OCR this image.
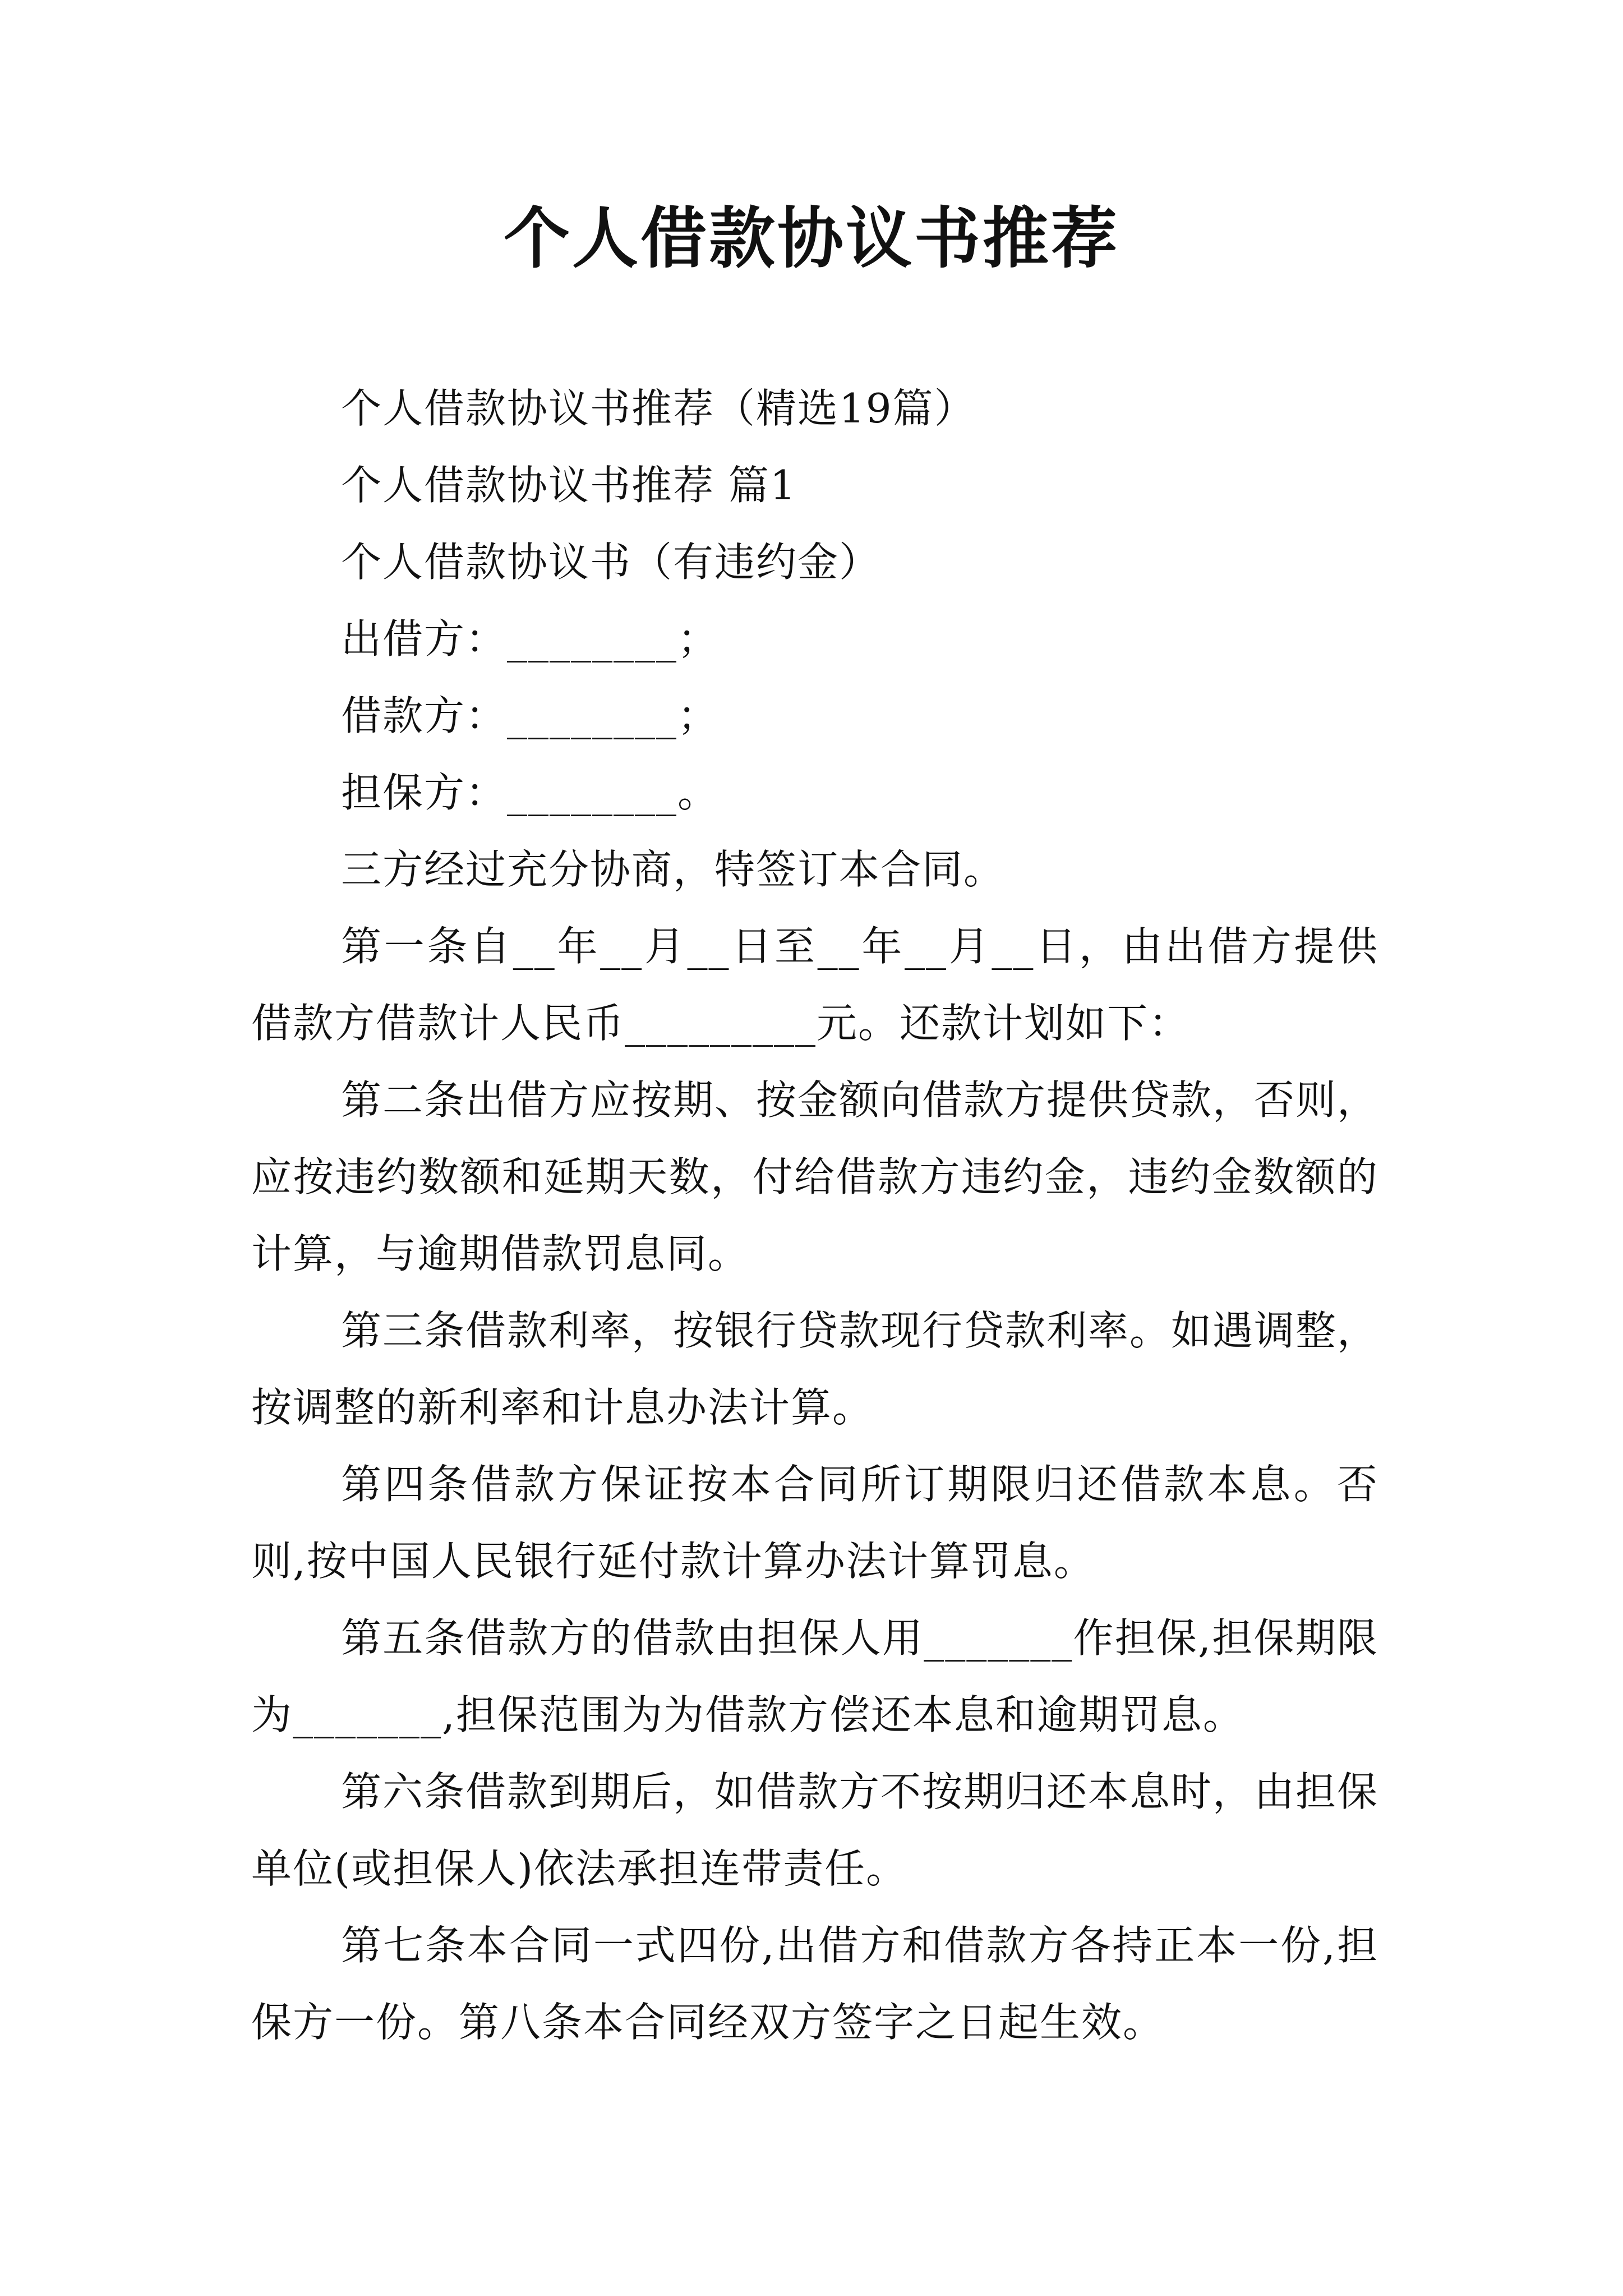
个人借款协议书推荐
个人借款协议书推荐（精选19篇）
个人借款协议书推荐 篇1
个人借款协议书（有违约金）
出借方：________；
借款方：________；
担保方：________。
三方经过充分协商，特签订本合同。
第一条自__年__月__日至__年__月__日，由出借方提供借款方借款计人民币_________元。还款计划如下：
第二条出借方应按期、按金额向借款方提供贷款，否则，应按违约数额和延期天数，付给借款方违约金，违约金数额的计算，与逾期借款罚息同。
第三条借款利率，按银行贷款现行贷款利率。如遇调整，按调整的新利率和计息办法计算。
第四条借款方保证按本合同所订期限归还借款本息。否则,按中国人民银行延付款计算办法计算罚息。
第五条借款方的借款由担保人用_______作担保,担保期限为_______,担保范围为为借款方偿还本息和逾期罚息。
第六条借款到期后，如借款方不按期归还本息时，由担保单位(或担保人)依法承担连带责任。
第七条本合同一式四份,出借方和借款方各持正本一份,担保方一份。第八条本合同经双方签字之日起生效。
